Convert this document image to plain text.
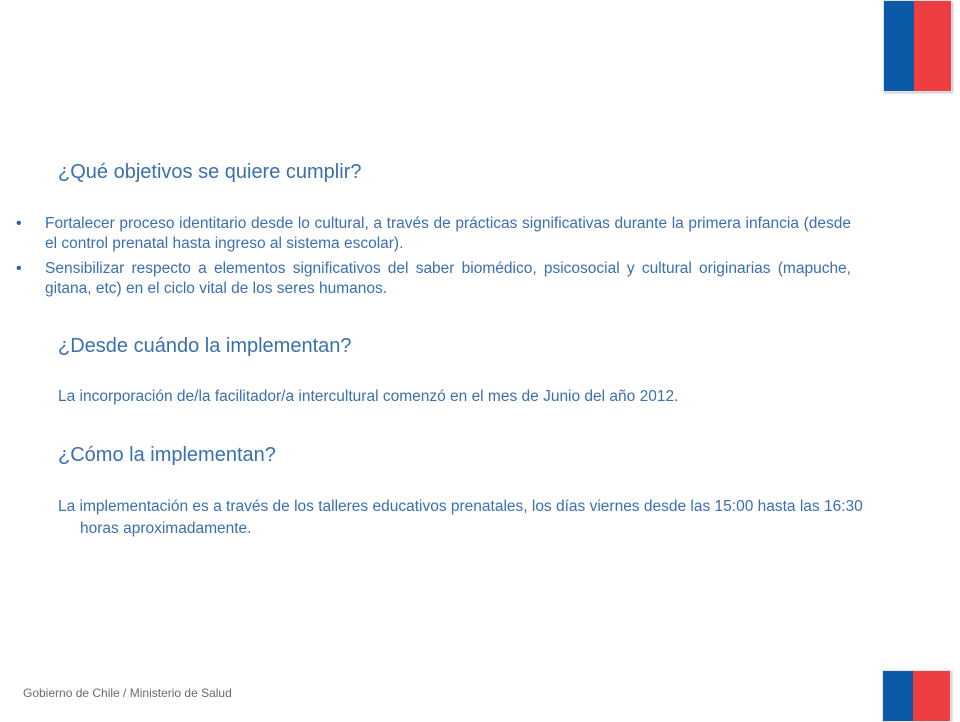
¿Qué objetivos se quiere cumplir?
• Fortalecer proceso identitario desde lo cultural, a través de prácticas significativas durante la primera infancia (desde el control prenatal hasta ingreso al sistema escolar).
• Sensibilizar respecto a elementos significativos del saber biomédico, psicosocial y cultural originarias (mapuche, gitana, etc) en el ciclo vital de los seres humanos.
¿Desde cuándo la implementan?

La incorporación de/la facilitador/a intercultural comenzó en el mes de Junio del año 2012.

¿Cómo la implementan?

La implementación es a través de los talleres educativos prenatales, los días viernes desde las 15:00 hasta las 16:30 horas aproximadamente.

Gobierno de Chile / Ministerio de Salud
